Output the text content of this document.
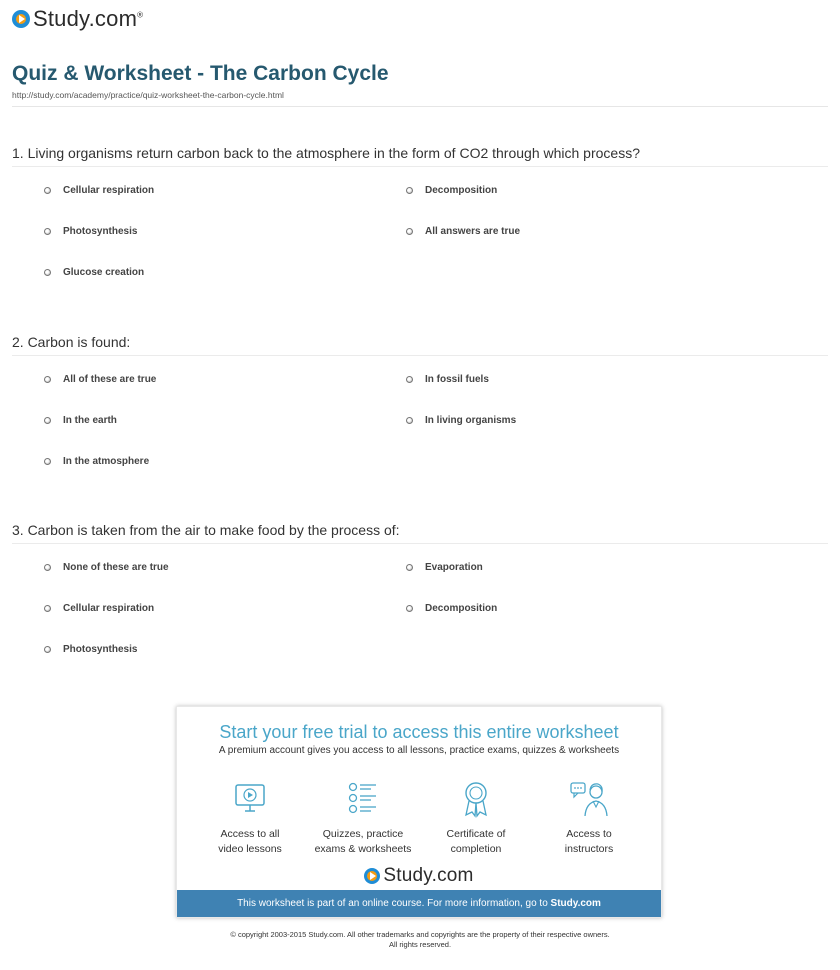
Study.com®
Quiz & Worksheet - The Carbon Cycle
http://study.com/academy/practice/quiz-worksheet-the-carbon-cycle.html

1. Living organisms return carbon back to the atmosphere in the form of CO2 through which process?

Cellular respiration	Decomposition
Photosynthesis	All answers are true
Glucose creation

2. Carbon is found:

All of these are true	In fossil fuels
In the earth	In living organisms
In the atmosphere

3. Carbon is taken from the air to make food by the process of:

None of these are true	Evaporation
Cellular respiration	Decomposition
Photosynthesis
Start your free trial to access this entire worksheet
A premium account gives you access to all lessons, practice exams, quizzes & worksheets
Access to all
video lessons
Quizzes, practice
exams & worksheets
Certificate of
completion
Access to
instructors
Study.com
This worksheet is part of an online course. For more information, go to Study.com
© copyright 2003-2015 Study.com. All other trademarks and copyrights are the property of their respective owners.
All rights reserved.
